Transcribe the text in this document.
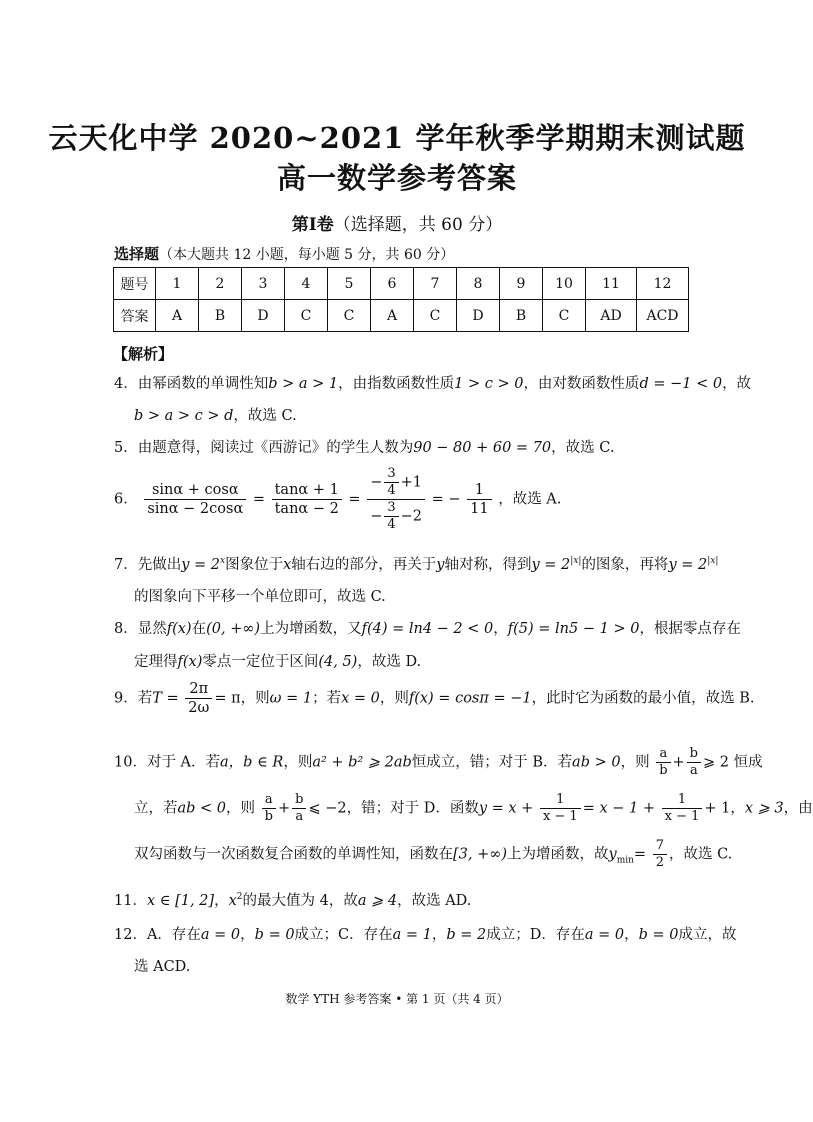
云天化中学 2020~2021 学年秋季学期期末测试题
高一数学参考答案
第Ⅰ卷（选择题，共 60 分）
选择题（本大题共 12 小题，每小题 5 分，共 60 分）
题号	1	2	3	4	5	6	7	8	9	10	11	12
答案	A	B	D	C	C	A	C	D	B	C	AD	ACD
【解析】
4．由幂函数的单调性知b > a > 1，由指数函数性质1 > c > 0，由对数函数性质d = −1 < 0，故
b > a > c > d，故选 C.
5．由题意得，阅读过《西游记》的学生人数为90 − 80 + 60 = 70，故选 C.
6． $\frac{\sin\alpha + \cos\alpha}{\sin\alpha - 2\cos\alpha} = \frac{\tan\alpha + 1}{\tan\alpha - 2} = \frac{- \frac{3}{4} +1}{- \frac{3}{4} -2}$ = − $\frac{1}{11}$ ，故选 A.
7．先做出$y = 2^x$图象位于x轴右边的部分，再关于y轴对称，得到$y = 2^{|x|}$的图象，再将$y = 2^{|x|}$
的图象向下平移一个单位即可，故选 C.
8．显然f(x)在(0, +∞)上为增函数，又f(4) = ln4 − 2 < 0，f(5) = ln5 − 1 > 0，根据零点存在
定理得f(x)零点一定位于区间(4, 5)，故选 D.
9．若$T = \frac{2\pi}{2\omega} = \pi$，则ω = 1；若x = 0，则f(x) = cosπ = −1，此时它为函数的最小值，故选 B.
10．对于 A．若a，b ∈ R，则a² + b² ⩾ 2ab恒成立，错；对于 B．若ab > 0，则 $\frac{a}{b} + \frac{b}{a}$ ⩾ 2 恒成
立，若ab < 0，则 $\frac{a}{b} + \frac{b}{a}$ ⩽ −2，错；对于 D．函数$y = x + \frac{1}{x - 1} = x - 1 + \frac{1}{x - 1} + 1$，x ⩾ 3，由
双勾函数与一次函数复合函数的单调性知，函数在[3, +∞)上为增函数，故$y_{min}= \frac{7}{2}$ ，故选 C.
11．x ∈ [1, 2]，$x^2$的最大值为 4，故a ⩾ 4，故选 AD.
12．A．存在a = 0，b = 0成立；C．存在a = 1，b = 2成立；D．存在a = 0，b = 0成立，故
选 ACD.
数学 YTH 参考答案 • 第 1 页（共 4 页）
